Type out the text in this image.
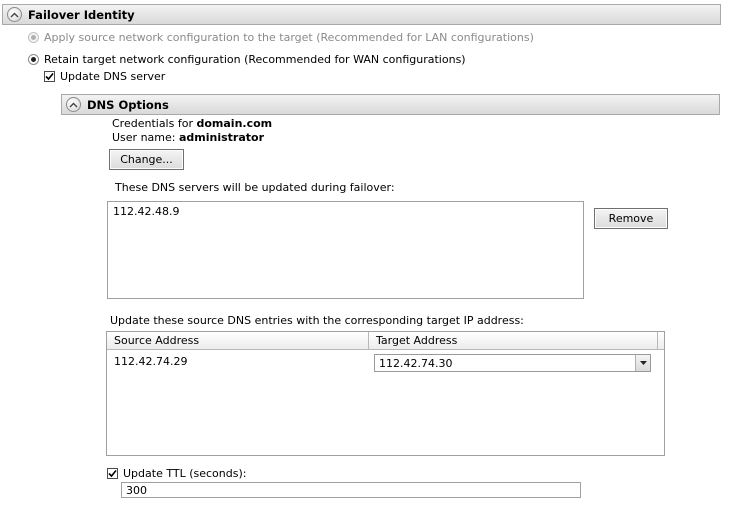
Failover Identity
Apply source network configuration to the target (Recommended for LAN configurations)
Retain target network configuration (Recommended for WAN configurations)
Update DNS server
DNS Options
Credentials for domain.com
User name: administrator
Change...
These DNS servers will be updated during failover:
112.42.48.9
Remove
Update these source DNS entries with the corresponding target IP address:
Source Address	Target Address
112.42.74.29	112.42.74.30
Update TTL (seconds):
300
